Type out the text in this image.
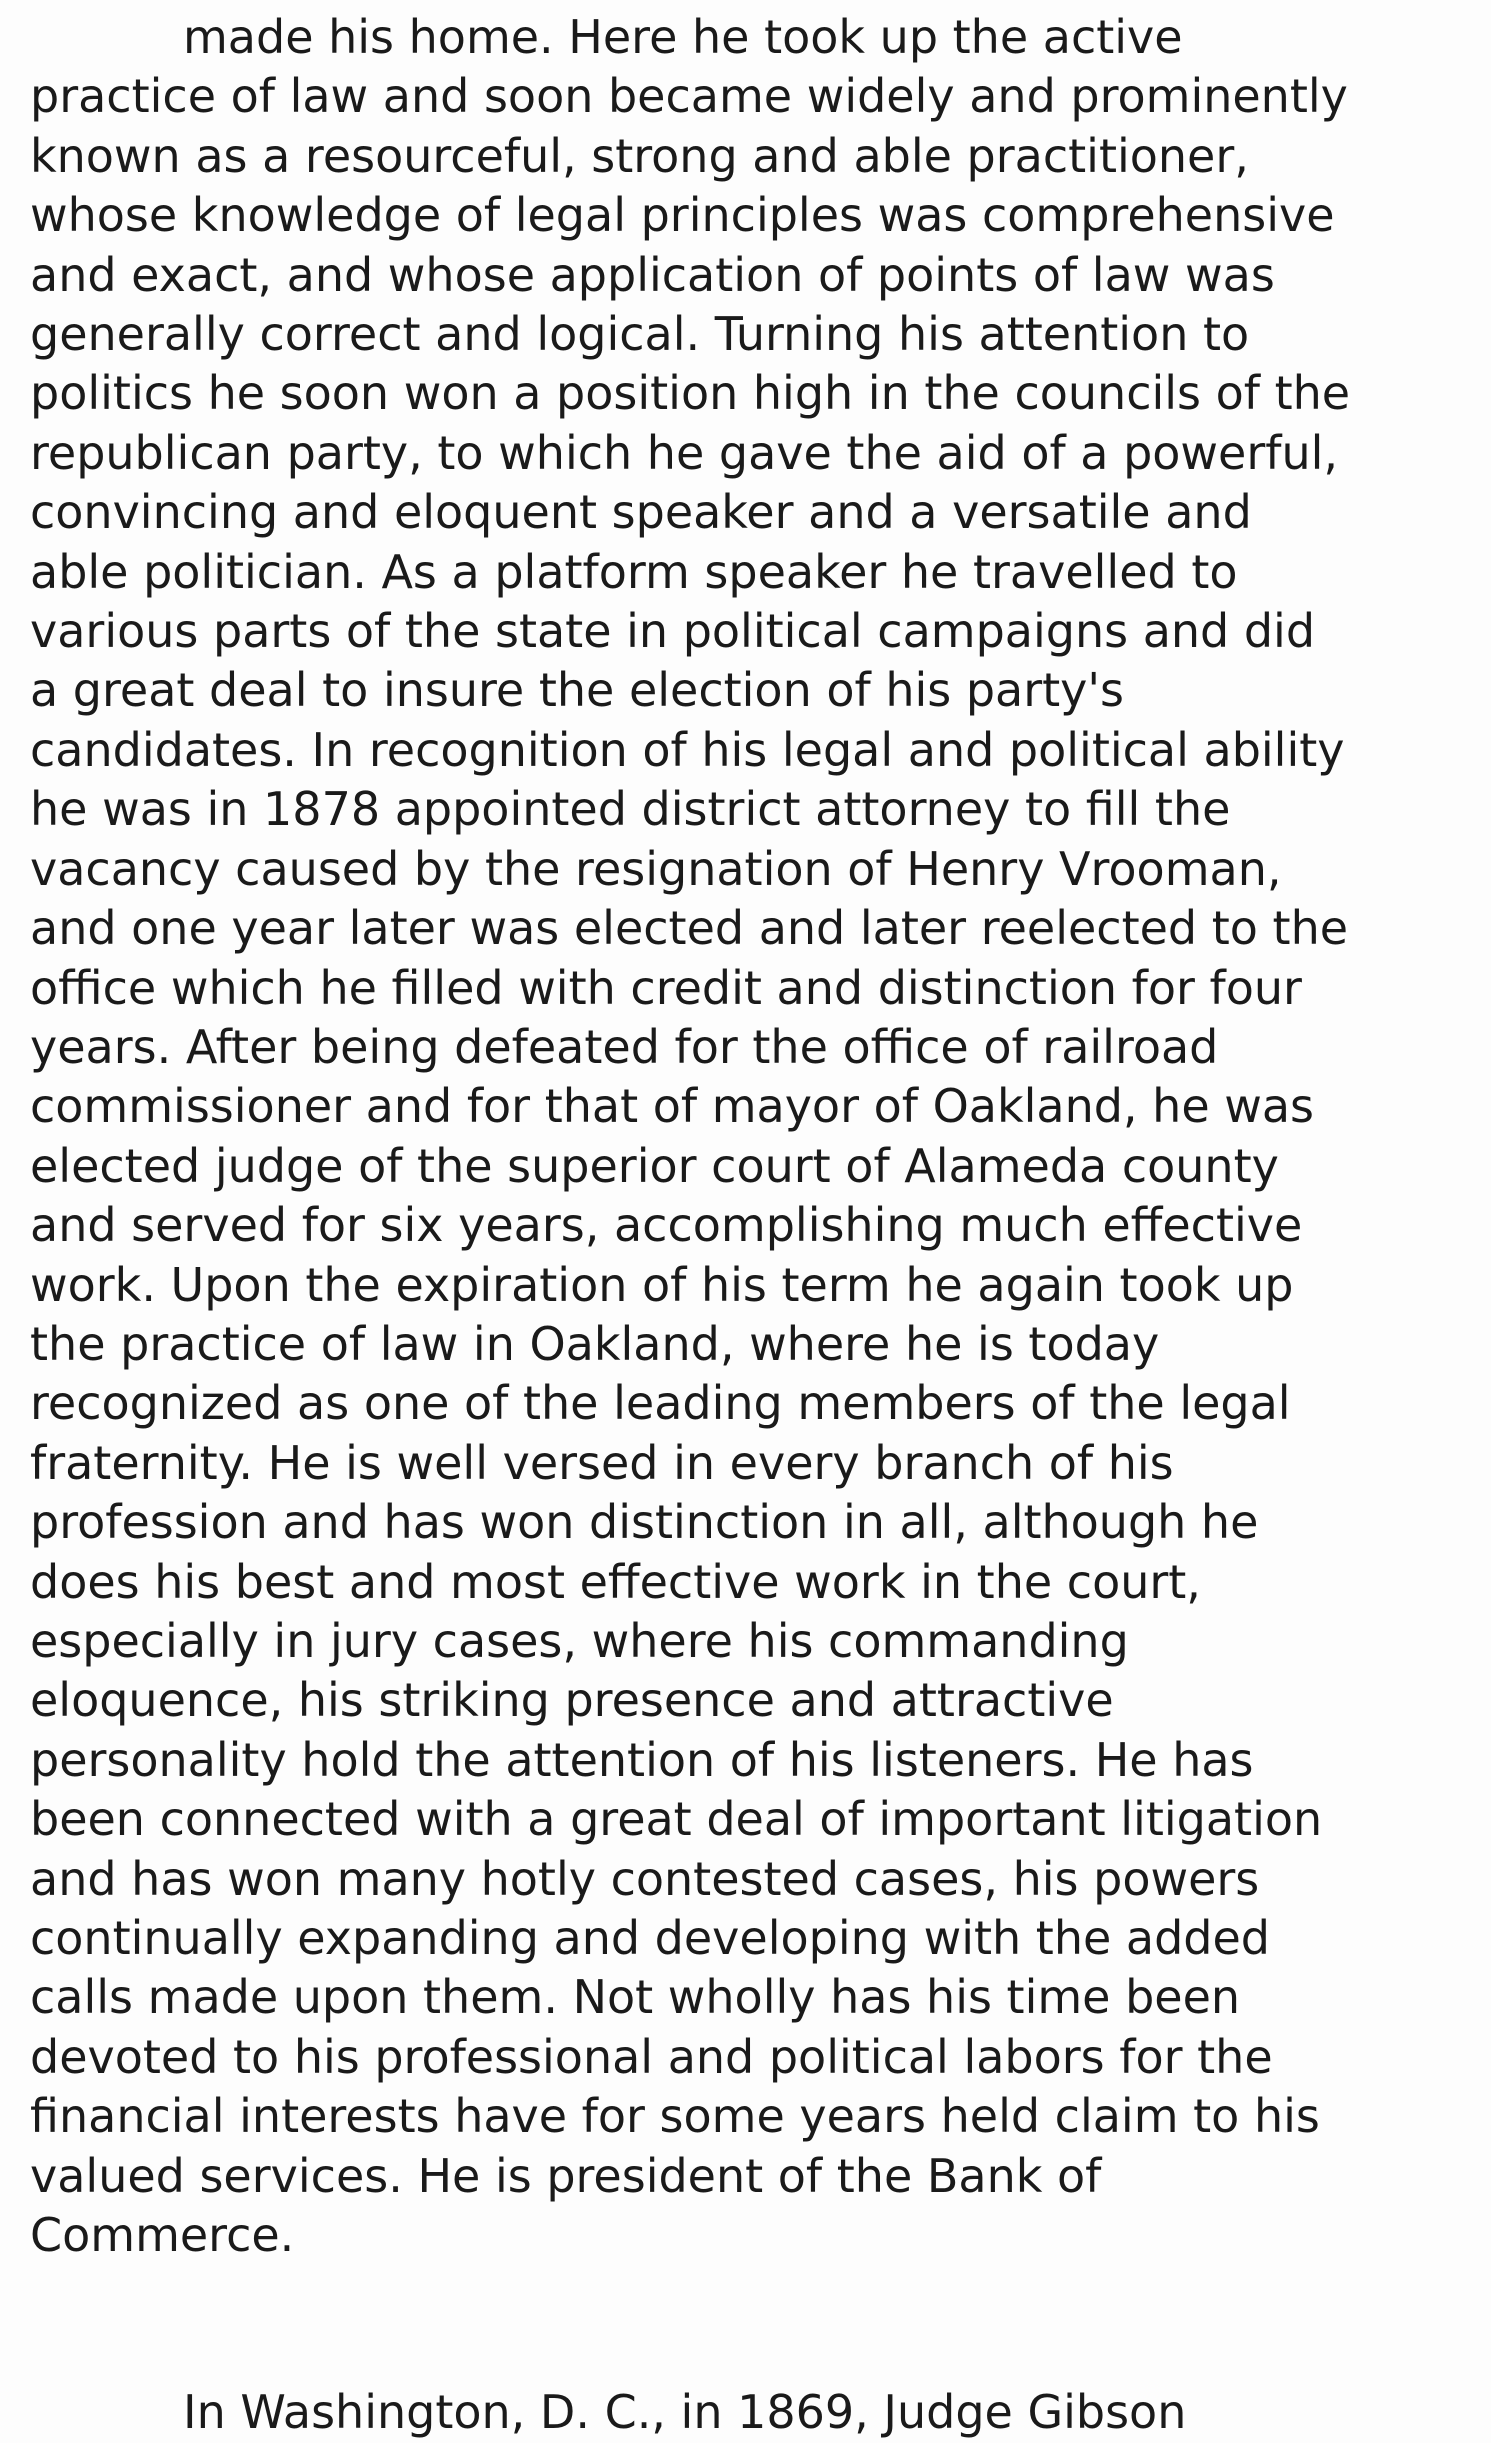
made his home. Here he took up the active
practice of law and soon became widely and prominently
known as a resourceful, strong and able practitioner,
whose knowledge of legal principles was comprehensive
and exact, and whose application of points of law was
generally correct and logical. Turning his attention to
politics he soon won a position high in the councils of the
republican party, to which he gave the aid of a powerful,
convincing and eloquent speaker and a versatile and
able politician. As a platform speaker he travelled to
various parts of the state in political campaigns and did
a great deal to insure the election of his party's
candidates. In recognition of his legal and political ability
he was in 1878 appointed district attorney to fill the
vacancy caused by the resignation of Henry Vrooman,
and one year later was elected and later reelected to the
office which he filled with credit and distinction for four
years. After being defeated for the office of railroad
commissioner and for that of mayor of Oakland, he was
elected judge of the superior court of Alameda county
and served for six years, accomplishing much effective
work. Upon the expiration of his term he again took up
the practice of law in Oakland, where he is today
recognized as one of the leading members of the legal
fraternity. He is well versed in every branch of his
profession and has won distinction in all, although he
does his best and most effective work in the court,
especially in jury cases, where his commanding
eloquence, his striking presence and attractive
personality hold the attention of his listeners. He has
been connected with a great deal of important litigation
and has won many hotly contested cases, his powers
continually expanding and developing with the added
calls made upon them. Not wholly has his time been
devoted to his professional and political labors for the
financial interests have for some years held claim to his
valued services. He is president of the Bank of
Commerce.
In Washington, D. C., in 1869, Judge Gibson
